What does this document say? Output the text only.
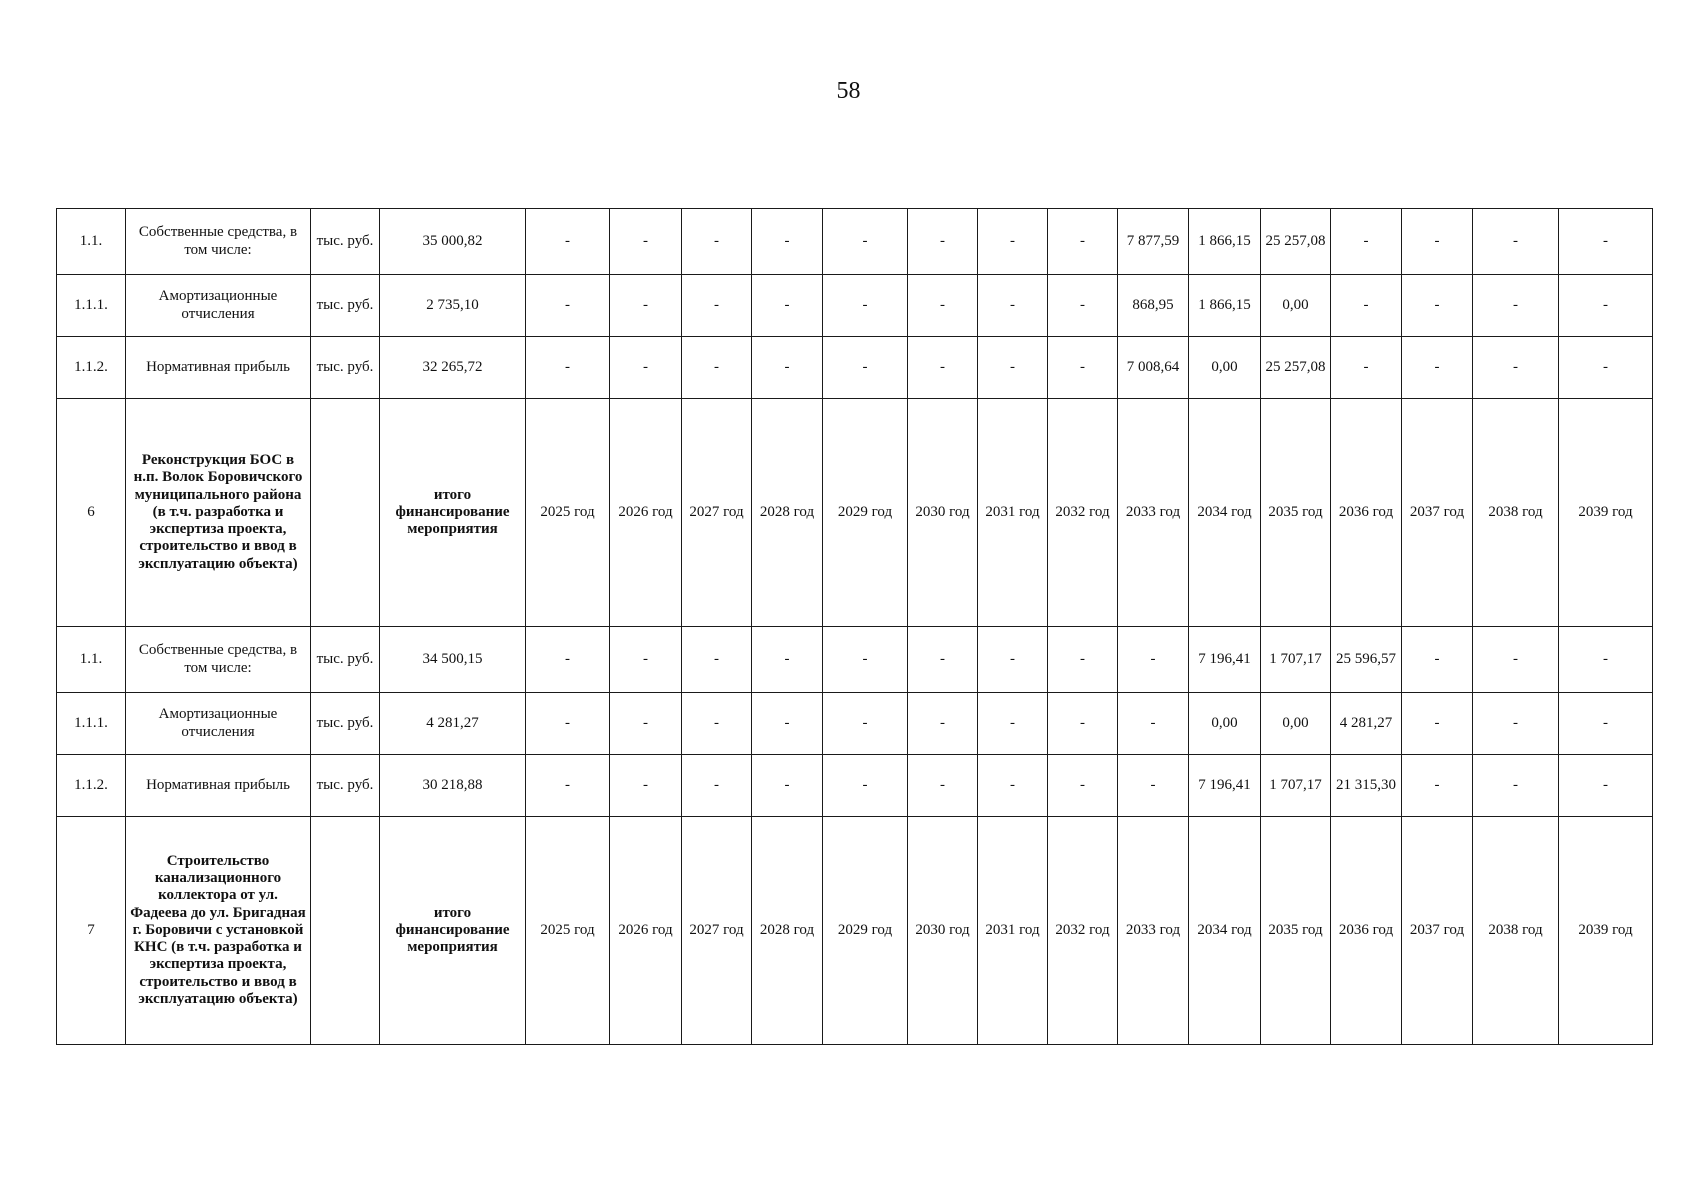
58
1.1.	Собственные средства, в том числе:	тыс. руб.	35 000,82	-	-	-	-	-	-	-	-	7 877,59	1 866,15	25 257,08	-	-	-	-
1.1.1.	Амортизационные отчисления	тыс. руб.	2 735,10	-	-	-	-	-	-	-	-	868,95	1 866,15	0,00	-	-	-	-
1.1.2.	Нормативная прибыль	тыс. руб.	32 265,72	-	-	-	-	-	-	-	-	7 008,64	0,00	25 257,08	-	-	-	-
6	Реконструкция БОС в н.п. Волок Боровичского муниципального района (в т.ч. разработка и экспертиза проекта, строительство и ввод в эксплуатацию объекта)		итого финансирование мероприятия	2025 год	2026 год	2027 год	2028 год	2029 год	2030 год	2031 год	2032 год	2033 год	2034 год	2035 год	2036 год	2037 год	2038 год	2039 год
1.1.	Собственные средства, в том числе:	тыс. руб.	34 500,15	-	-	-	-	-	-	-	-	-	7 196,41	1 707,17	25 596,57	-	-	-
1.1.1.	Амортизационные отчисления	тыс. руб.	4 281,27	-	-	-	-	-	-	-	-	-	0,00	0,00	4 281,27	-	-	-
1.1.2.	Нормативная прибыль	тыс. руб.	30 218,88	-	-	-	-	-	-	-	-	-	7 196,41	1 707,17	21 315,30	-	-	-
7	Строительство канализационного коллектора от ул. Фадеева до ул. Бригадная г. Боровичи с установкой КНС (в т.ч. разработка и экспертиза проекта, строительство и ввод в эксплуатацию объекта)		итого финансирование мероприятия	2025 год	2026 год	2027 год	2028 год	2029 год	2030 год	2031 год	2032 год	2033 год	2034 год	2035 год	2036 год	2037 год	2038 год	2039 год
